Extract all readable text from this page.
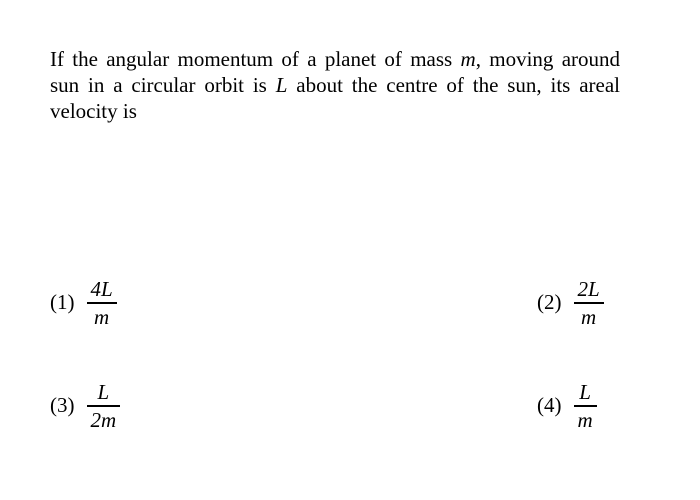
If the angular momentum of a planet of mass m, moving around sun in a circular orbit is L about the centre of the sun, its areal velocity is
$(1) \frac{4L}{m}$	$(2) \frac{2L}{m}$
$(3) \frac{L}{2m}$	$(4) \frac{L}{m}$
